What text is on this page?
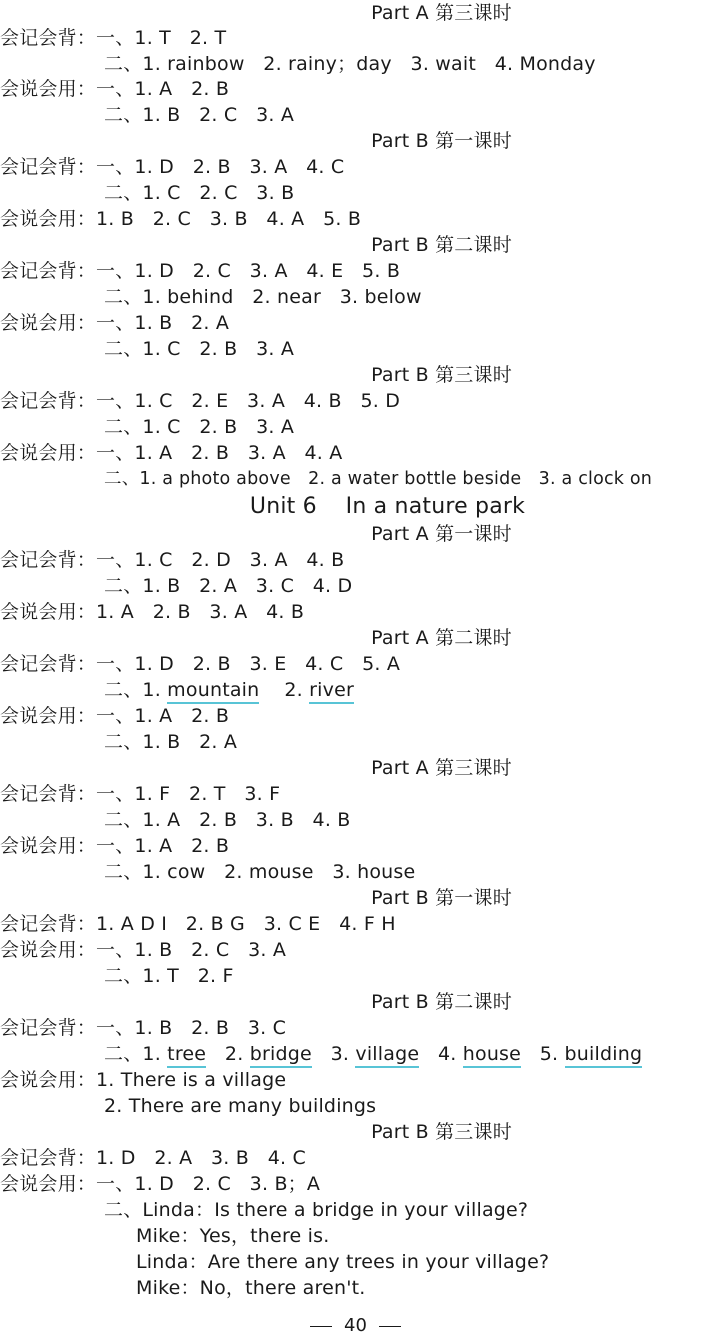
Part A 第三课时
会记会背：一、1. T   2. T
二、1. rainbow   2. rainy；day   3. wait   4. Monday
会说会用：一、1. A   2. B
二、1. B   2. C   3. A
Part B 第一课时
会记会背：一、1. D   2. B   3. A   4. C
二、1. C   2. C   3. B
会说会用：1. B   2. C   3. B   4. A   5. B
Part B 第二课时
会记会背：一、1. D   2. C   3. A   4. E   5. B
二、1. behind   2. near   3. below
会说会用：一、1. B   2. A
二、1. C   2. B   3. A
Part B 第三课时
会记会背：一、1. C   2. E   3. A   4. B   5. D
二、1. C   2. B   3. A
会说会用：一、1. A   2. B   3. A   4. A
二、1. a photo above   2. a water bottle beside   3. a clock on
Unit 6    In a nature park
Part A 第一课时
会记会背：一、1. C   2. D   3. A   4. B
二、1. B   2. A   3. C   4. D
会说会用：1. A   2. B   3. A   4. B
Part A 第二课时
会记会背：一、1. D   2. B   3. E   4. C   5. A
二、1. mountain    2. river
会说会用：一、1. A   2. B
二、1. B   2. A
Part A 第三课时
会记会背：一、1. F   2. T   3. F
二、1. A   2. B   3. B   4. B
会说会用：一、1. A   2. B
二、1. cow   2. mouse   3. house
Part B 第一课时
会记会背：1. A D I   2. B G   3. C E   4. F H
会说会用：一、1. B   2. C   3. A
二、1. T   2. F
Part B 第二课时
会记会背：一、1. B   2. B   3. C
二、1. tree   2. bridge   3. village   4. house   5. building
会说会用：1. There is a village
2. There are many buildings
Part B 第三课时
会记会背：1. D   2. A   3. B   4. C
会说会用：一、1. D   2. C   3. B；A
二、Linda：Is there a bridge in your village?
Mike：Yes，there is.
Linda：Are there any trees in your village?
Mike：No，there aren't.
40
